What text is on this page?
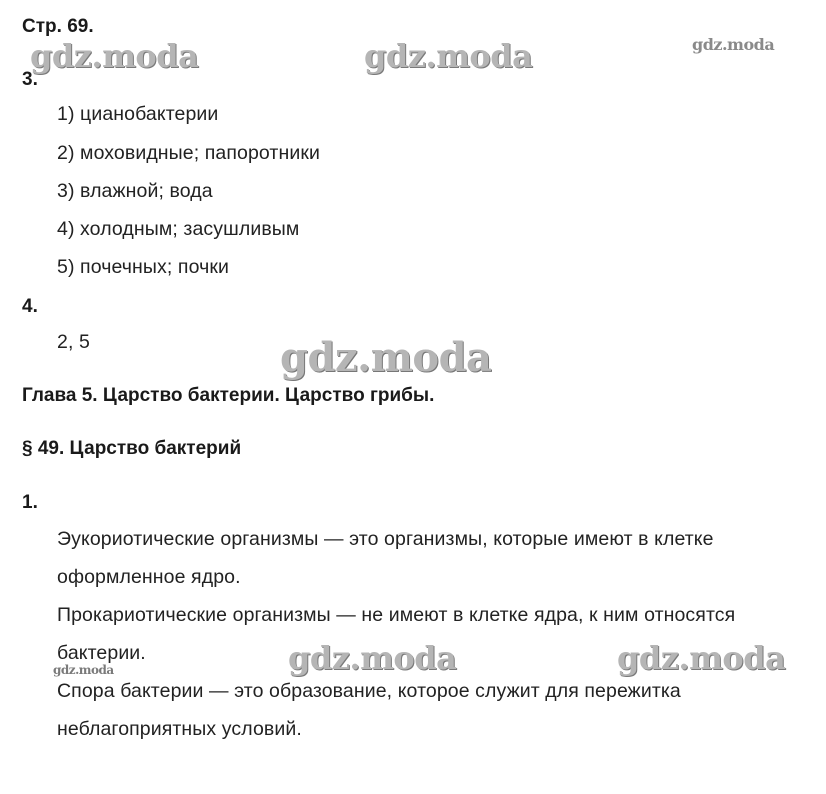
gdz.moda	gdz.moda	gdz.moda
gdz.moda
gdz.moda	gdz.moda	gdz.moda
Стр. 69.
3.
1) цианобактерии
2) моховидные; папоротники
3) влажной; вода
4) холодным; засушливым
5) почечных; почки
4.
2, 5
Глава 5. Царство бактерии. Царство грибы.
§ 49. Царство бактерий
1.
Эукориотические организмы — это организмы, которые имеют в клетке
оформленное ядро.
Прокариотические организмы — не имеют в клетке ядра, к ним относятся
бактерии.
Спора бактерии — это образование, которое служит для пережитка
неблагоприятных условий.
